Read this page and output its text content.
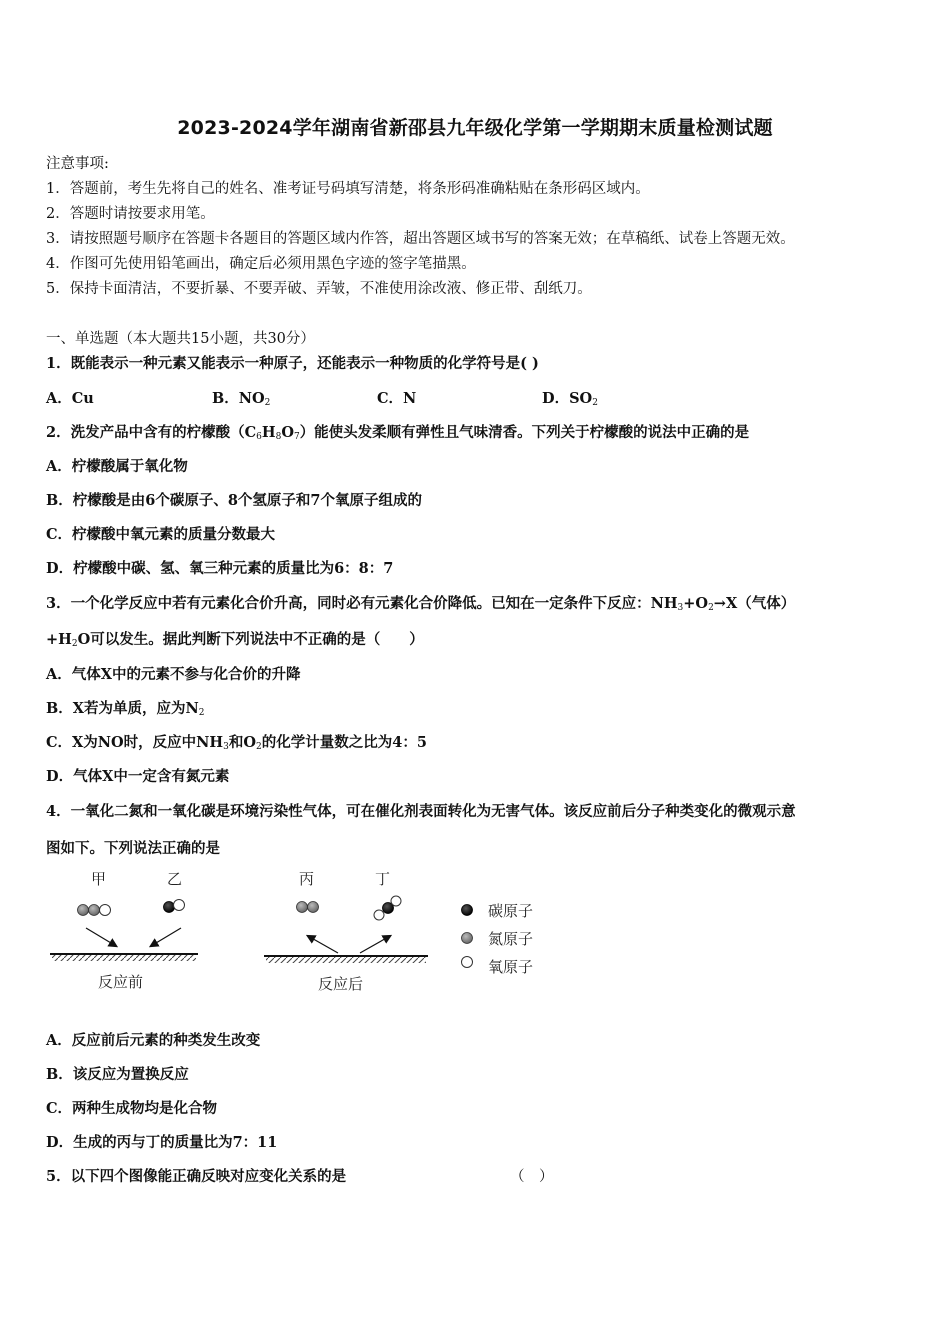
2023-2024学年湖南省新邵县九年级化学第一学期期末质量检测试题
注意事项:
1．答题前，考生先将自己的姓名、准考证号码填写清楚，将条形码准确粘贴在条形码区域内。
2．答题时请按要求用笔。
3．请按照题号顺序在答题卡各题目的答题区域内作答，超出答题区域书写的答案无效；在草稿纸、试卷上答题无效。
4．作图可先使用铅笔画出，确定后必须用黑色字迹的签字笔描黑。
5．保持卡面清洁，不要折暴、不要弄破、弄皱，不准使用涂改液、修正带、刮纸刀。
一、单选题（本大题共15小题，共30分）
1．既能表示一种元素又能表示一种原子，还能表示一种物质的化学符号是( )
A．Cu	B．$NO_2$	C．N	D．$SO_2$
2．洗发产品中含有的柠檬酸$(C_6H_8O_7)$能使头发柔顺有弹性且气味清香。下列关于柠檬酸的说法中正确的是
A．柠檬酸属于氧化物
B．柠檬酸是由6个碳原子、8个氢原子和7个氧原子组成的
C．柠檬酸中氧元素的质量分数最大
D．柠檬酸中碳、氢、氧三种元素的质量比为6：8：7
3．一个化学反应中若有元素化合价升高，同时必有元素化合价降低。已知在一定条件下反应：$NH_3+O_2\to X$（气体）
$+H_2O$可以发生。据此判断下列说法中不正确的是（　　）
A．气体X中的元素不参与化合价的升降
B．X若为单质，应为$N_2$
C．X为NO时，反应中$NH_3$和$O_2$的化学计量数之比为4：5
D．气体X中一定含有氮元素
4．一氧化二氮和一氧化碳是环境污染性气体，可在催化剂表面转化为无害气体。该反应前后分子种类变化的微观示意
图如下。下列说法正确的是
甲	乙	丙	丁
反应前	反应后
碳原子
氮原子
氧原子
A．反应前后元素的种类发生改变
B．该反应为置换反应
C．两种生成物均是化合物
D．生成的丙与丁的质量比为7：11
5．以下四个图像能正确反映对应变化关系的是	（　）
